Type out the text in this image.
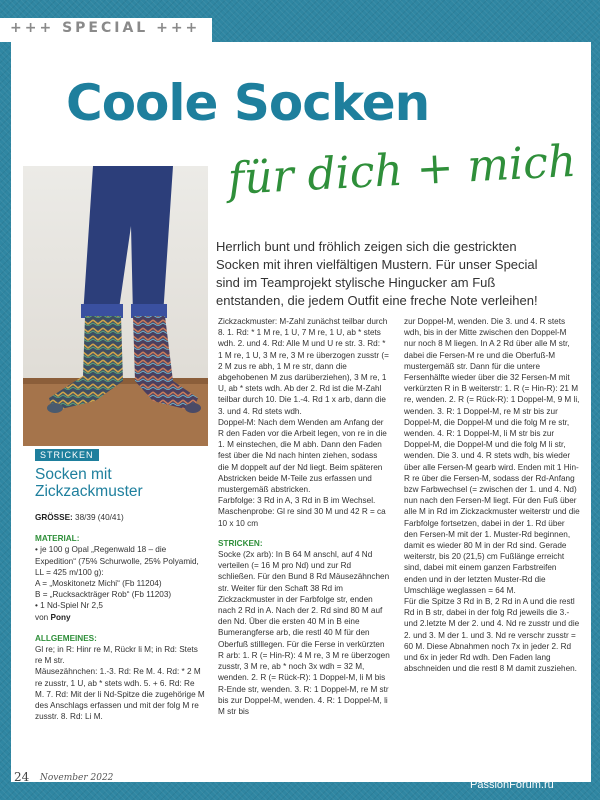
+++ SPECIAL +++
Coole Socken
für dich + mich
Herrlich bunt und fröhlich zeigen sich die gestrickten Socken mit ihren vielfältigen Mustern. Für unser Special sind im Teamprojekt stylische Hingucker am Fuß entstanden, die jedem Outfit eine freche Note verleihen!
STRICKEN
Socken mit Zickzackmuster

GRÖSSE: 38/39 (40/41)

MATERIAL:

• je 100 g Opal „Regenwald 18 – die Expedition“ (75% Schurwolle, 25% Polyamid, LL = 425 m/100 g):

A = „Moskitonetz Michi“ (Fb 11204)

B = „Rucksackträger Rob“ (Fb 11203)

• 1 Nd-Spiel Nr 2,5

von Pony

ALLGEMEINES:

Gl re; in R: Hinr re M, Rückr li M; in Rd: Stets re M str.

Mäusezähnchen: 1.-3. Rd: Re M. 4. Rd: * 2 M re zusstr, 1 U, ab * stets wdh. 5. + 6. Rd: Re M. 7. Rd: Mit der li Nd-Spitze die zugehörige M des Anschlags erfassen und mit der folg M re zusstr. 8. Rd: Li M.

Zickzackmuster: M-Zahl zunächst teilbar durch 8. 1. Rd: * 1 M re, 1 U, 7 M re, 1 U, ab * stets wdh. 2. und 4. Rd: Alle M und U re str. 3. Rd: * 1 M re, 1 U, 3 M re, 3 M re überzogen zusstr (= 2 M zus re abh, 1 M re str, dann die abgehobenen M zus darüberziehen), 3 M re, 1 U, ab * stets wdh. Ab der 2. Rd ist die M-Zahl teilbar durch 10. Die 1.-4. Rd 1 x arb, dann die 3. und 4. Rd stets wdh.

Doppel-M: Nach dem Wenden am Anfang der R den Faden vor die Arbeit legen, von re in die 1. M einstechen, die M abh. Dann den Faden fest über die Nd nach hinten ziehen, sodass die M doppelt auf der Nd liegt. Beim späteren Abstricken beide M-Teile zus erfassen und mustergemäß abstricken.

Farbfolge: 3 Rd in A, 3 Rd in B im Wechsel.

Maschenprobe: Gl re sind 30 M und 42 R = ca 10 x 10 cm

STRICKEN:

Socke (2x arb): In B 64 M anschl, auf 4 Nd verteilen (= 16 M pro Nd) und zur Rd schließen. Für den Bund 8 Rd Mäusezähnchen str. Weiter für den Schaft 38 Rd im Zickzackmuster in der Farbfolge str, enden nach 2 Rd in A. Nach der 2. Rd sind 80 M auf den Nd. Über die ersten 40 M in B eine Bumerangferse arb, die restl 40 M für den Oberfuß stilllegen. Für die Ferse in verkürzten R arb: 1. R (= Hin-R): 4 M re, 3 M re überzogen zusstr, 3 M re, ab * noch 3x wdh = 32 M, wenden. 2. R (= Rück-R): 1 Doppel-M, li M bis R-Ende str, wenden. 3. R: 1 Doppel-M, re M str bis zur Doppel-M, wenden. 4. R: 1 Doppel-M, li M str bis

zur Doppel-M, wenden. Die 3. und 4. R stets wdh, bis in der Mitte zwischen den Doppel-M nur noch 8 M liegen. In A 2 Rd über alle M str, dabei die Fersen-M re und die Oberfuß-M mustergemäß str. Dann für die untere Fersenhälfte wieder über die 32 Fersen-M mit verkürzten R in B weiterstr: 1. R (= Hin-R): 21 M re, wenden. 2. R (= Rück-R): 1 Doppel-M, 9 M li, wenden. 3. R: 1 Doppel-M, re M str bis zur Doppel-M, die Doppel-M und die folg M re str, wenden. 4. R: 1 Doppel-M, li M str bis zur Doppel-M, die Doppel-M und die folg M li str, wenden. Die 3. und 4. R stets wdh, bis wieder über alle Fersen-M gearb wird. Enden mit 1 Hin-R re über die Fersen-M, sodass der Rd-Anfang bzw Farbwechsel (= zwischen der 1. und 4. Nd) nun nach den Fersen-M liegt. Für den Fuß über alle M in Rd im Zickzackmuster weiterstr und die Farbfolge fortsetzen, dabei in der 1. Rd über den Fersen-M mit der 1. Muster-Rd beginnen, damit es wieder 80 M in der Rd sind. Gerade weiterstr, bis 20 (21,5) cm Fußlänge erreicht sind, dabei mit einem ganzen Farbstreifen enden und in der letzten Muster-Rd die Umschläge weglassen = 64 M.

Für die Spitze 3 Rd in B, 2 Rd in A und die restl Rd in B str, dabei in der folg Rd jeweils die 3.- und 2.letzte M der 2. und 4. Nd re zusstr und die 2. und 3. M der 1. und 3. Nd re verschr zusstr = 60 M. Diese Abnahmen noch 7x in jeder 2. Rd und 6x in jeder Rd wdh. Den Faden lang abschneiden und die restl 8 M damit zusziehen.

24 November 2022
PassionForum.ru
